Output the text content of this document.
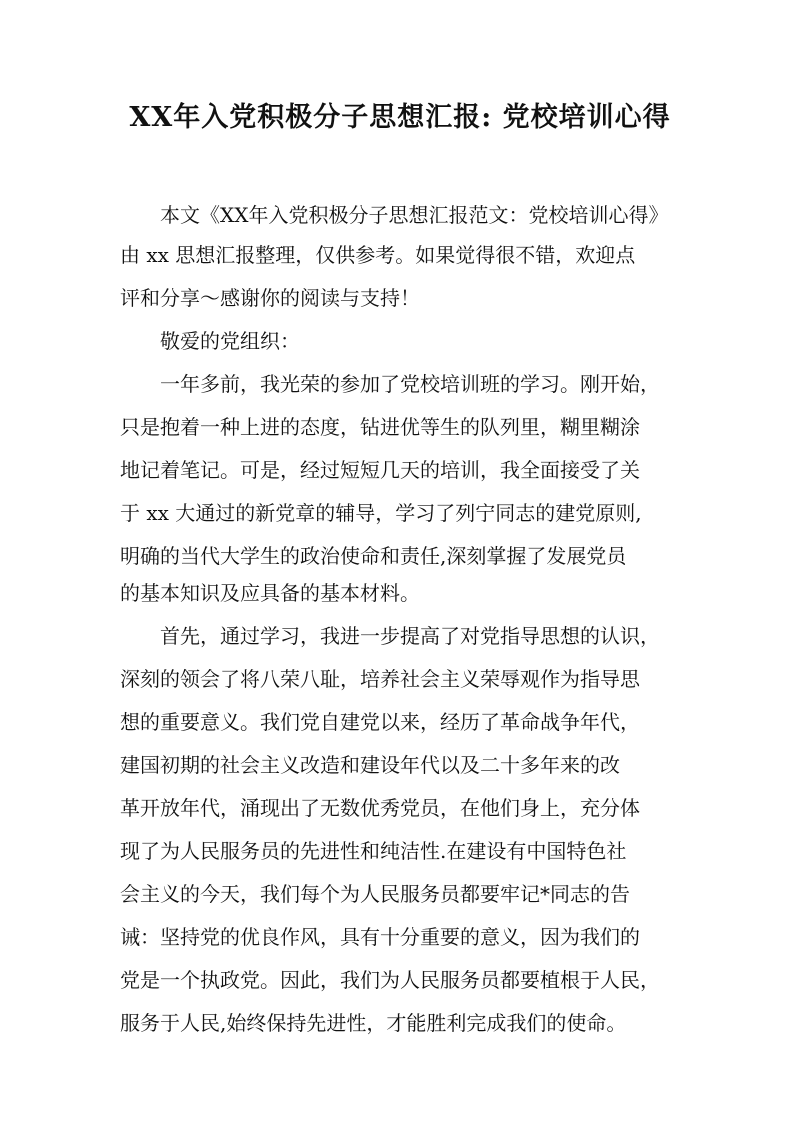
XX年入党积极分子思想汇报: 党校培训心得
　　本文《XX年入党积极分子思想汇报范文：党校培训心得》
由 xx 思想汇报整理，仅供参考。如果觉得很不错，欢迎点
评和分享～感谢你的阅读与支持！
　　敬爱的党组织：
　　一年多前，我光荣的参加了党校培训班的学习。刚开始，
只是抱着一种上进的态度，钻进优等生的队列里，糊里糊涂
地记着笔记。可是，经过短短几天的培训，我全面接受了关
于 xx 大通过的新党章的辅导，学习了列宁同志的建党原则,
明确的当代大学生的政治使命和责任,深刻掌握了发展党员
的基本知识及应具备的基本材料。
　　首先，通过学习，我进一步提高了对党指导思想的认识，
深刻的领会了将八荣八耻，培养社会主义荣辱观作为指导思
想的重要意义。我们党自建党以来，经历了革命战争年代，
建国初期的社会主义改造和建设年代以及二十多年来的改
革开放年代，涌现出了无数优秀党员，在他们身上，充分体
现了为人民服务员的先进性和纯洁性.在建设有中国特色社
会主义的今天，我们每个为人民服务员都要牢记*同志的告
诫：坚持党的优良作风，具有十分重要的意义，因为我们的
党是一个执政党。因此，我们为人民服务员都要植根于人民，
服务于人民,始终保持先进性，才能胜利完成我们的使命。
